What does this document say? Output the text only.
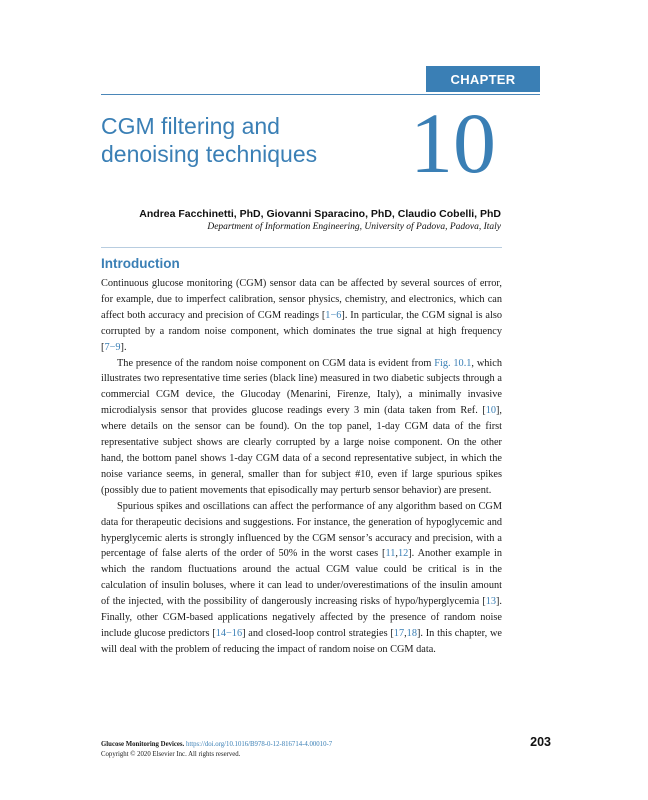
CHAPTER
CGM filtering and
denoising techniques	10
Andrea Facchinetti, PhD, Giovanni Sparacino, PhD, Claudio Cobelli, PhD
Department of Information Engineering, University of Padova, Padova, Italy
Introduction

Continuous glucose monitoring (CGM) sensor data can be affected by several sources of error, for example, due to imperfect calibration, sensor physics, chemistry, and electronics, which can affect both accuracy and precision of CGM readings [1−6]. In particular, the CGM signal is also corrupted by a random noise component, which dominates the true signal at high frequency [7−9].

The presence of the random noise component on CGM data is evident from Fig. 10.1, which illustrates two representative time series (black line) measured in two diabetic subjects through a commercial CGM device, the Glucoday (Menarini, Firenze, Italy), a minimally invasive microdialysis sensor that provides glucose readings every 3 min (data taken from Ref. [10], where details on the sensor can be found). On the top panel, 1-day CGM data of the first representative subject shows are clearly corrupted by a large noise component. On the other hand, the bottom panel shows 1-day CGM data of a second representative subject, in which the noise variance seems, in general, smaller than for subject #10, even if large spurious spikes (possibly due to patient movements that episodically may perturb sensor behavior) are present.

Spurious spikes and oscillations can affect the performance of any algorithm based on CGM data for therapeutic decisions and suggestions. For instance, the generation of hypoglycemic and hyperglycemic alerts is strongly influenced by the CGM sensor’s accuracy and precision, with a percentage of false alerts of the order of 50% in the worst cases [11,12]. Another example in which the random fluctuations around the actual CGM value could be critical is in the calculation of insulin boluses, where it can lead to under/overestimations of the insulin amount of the injected, with the possibility of dangerously increasing risks of hypo/hyperglycemia [13]. Finally, other CGM-based applications negatively affected by the presence of random noise include glucose predictors [14−16] and closed-loop control strategies [17,18]. In this chapter, we will deal with the problem of reducing the impact of random noise on CGM data.

Glucose Monitoring Devices. https://doi.org/10.1016/B978-0-12-816714-4.00010-7
Copyright © 2020 Elsevier Inc. All rights reserved.
203
